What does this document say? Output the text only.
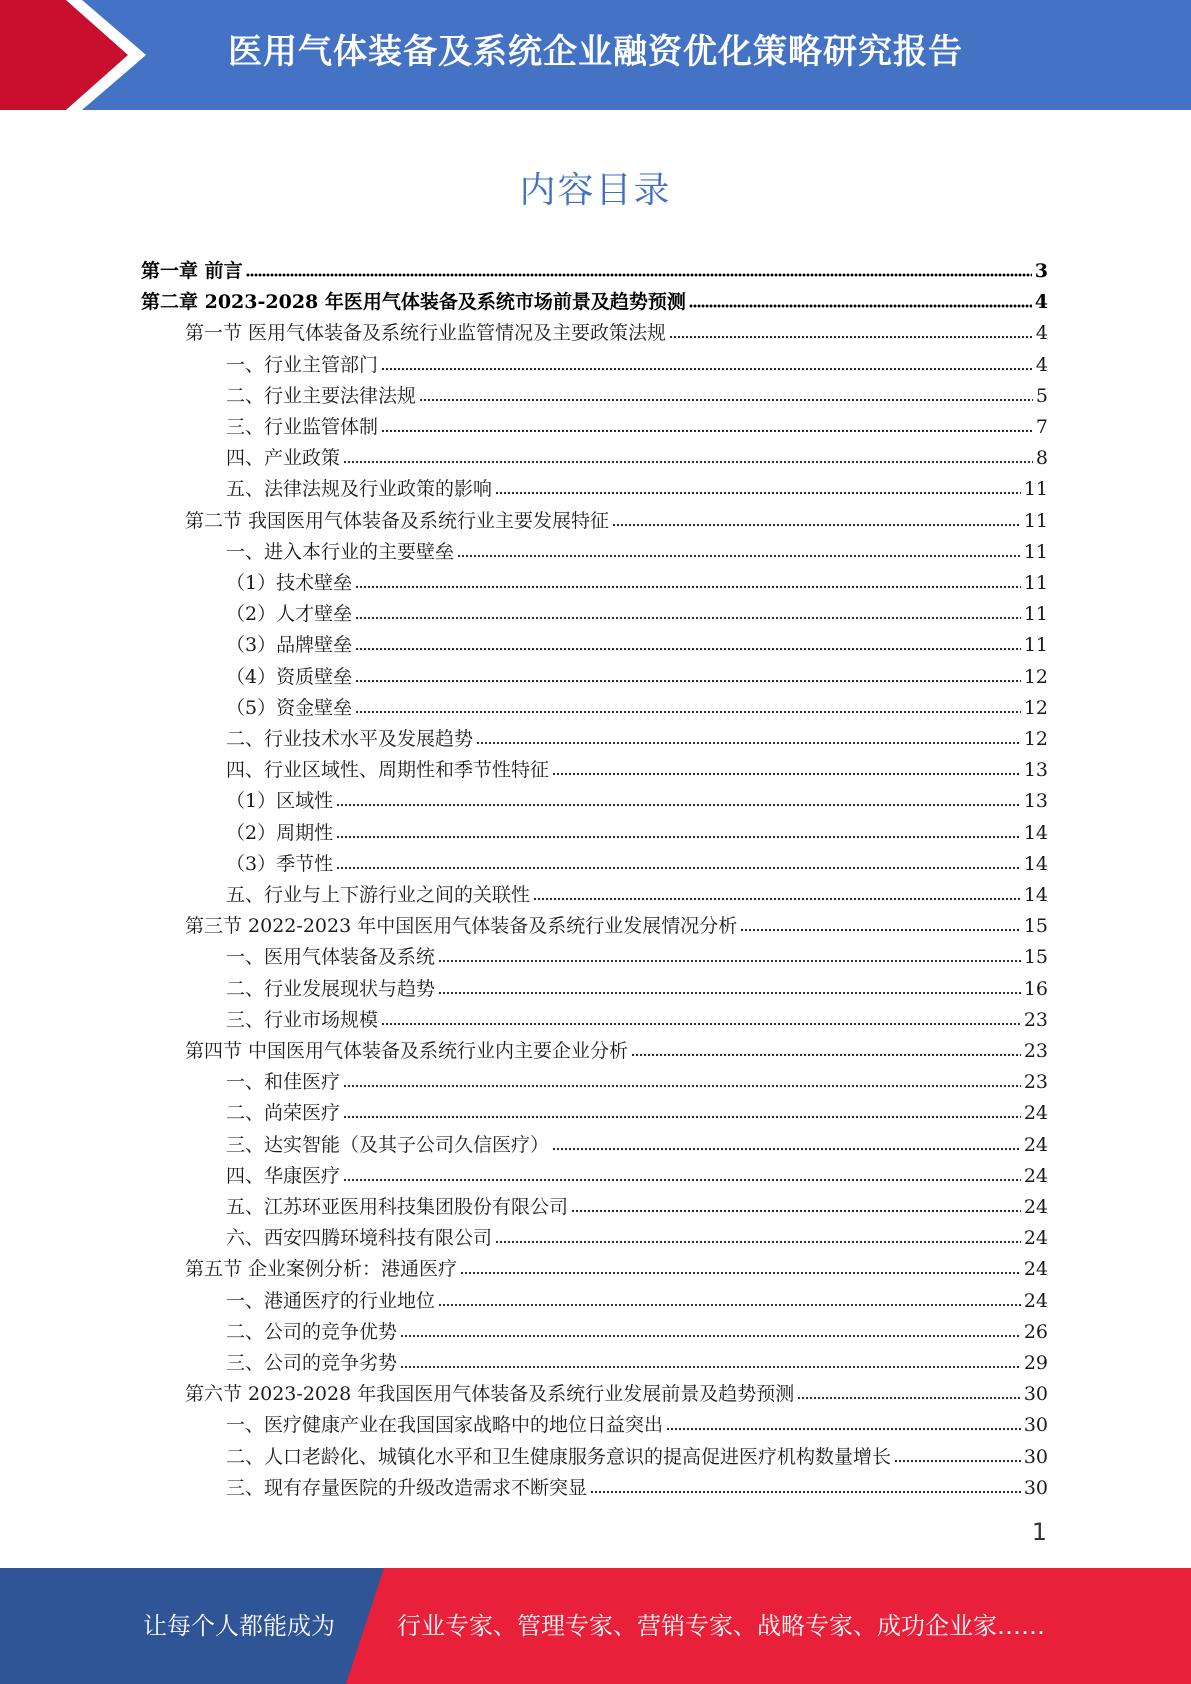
医用气体装备及系统企业融资优化策略研究报告
内容目录
第一章 前言	3
第二章 2023-2028 年医用气体装备及系统市场前景及趋势预测	4
第一节 医用气体装备及系统行业监管情况及主要政策法规	4
一、行业主管部门	4
二、行业主要法律法规	5
三、行业监管体制	7
四、产业政策	8
五、法律法规及行业政策的影响	11
第二节 我国医用气体装备及系统行业主要发展特征	11
一、进入本行业的主要壁垒	11
（1）技术壁垒	11
（2）人才壁垒	11
（3）品牌壁垒	11
（4）资质壁垒	12
（5）资金壁垒	12
二、行业技术水平及发展趋势	12
四、行业区域性、周期性和季节性特征	13
（1）区域性	13
（2）周期性	14
（3）季节性	14
五、行业与上下游行业之间的关联性	14
第三节 2022-2023 年中国医用气体装备及系统行业发展情况分析	15
一、医用气体装备及系统	15
二、行业发展现状与趋势	16
三、行业市场规模	23
第四节 中国医用气体装备及系统行业内主要企业分析	23
一、和佳医疗	23
二、尚荣医疗	24
三、达实智能（及其子公司久信医疗）	24
四、华康医疗	24
五、江苏环亚医用科技集团股份有限公司	24
六、西安四腾环境科技有限公司	24
第五节 企业案例分析：港通医疗	24
一、港通医疗的行业地位	24
二、公司的竞争优势	26
三、公司的竞争劣势	29
第六节 2023-2028 年我国医用气体装备及系统行业发展前景及趋势预测	30
一、医疗健康产业在我国国家战略中的地位日益突出	30
二、人口老龄化、城镇化水平和卫生健康服务意识的提高促进医疗机构数量增长	30
三、现有存量医院的升级改造需求不断突显	30
1
让每个人都能成为	行业专家、管理专家、营销专家、战略专家、成功企业家……
